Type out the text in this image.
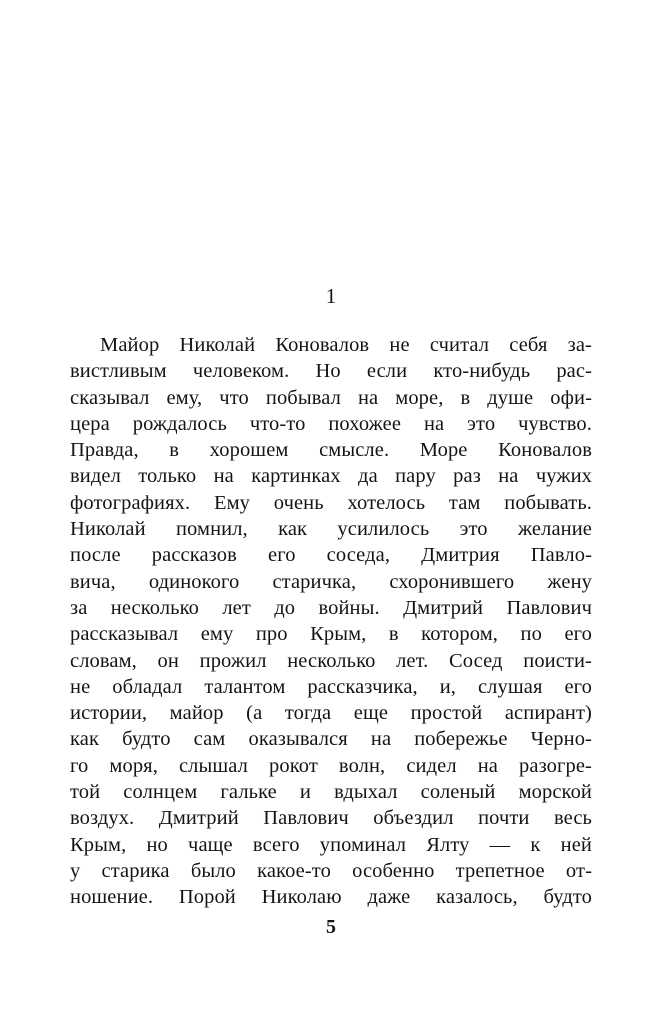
1
Майор Николай Коновалов не считал себя за-
вистливым человеком. Но если кто-нибудь рас-
сказывал ему, что побывал на море, в душе офи-
цера рождалось что-то похожее на это чувство.
Правда, в хорошем смысле. Море Коновалов
видел только на картинках да пару раз на чужих
фотографиях. Ему очень хотелось там побывать.
Николай помнил, как усилилось это желание
после рассказов его соседа, Дмитрия Павло-
вича, одинокого старичка, схоронившего жену
за несколько лет до войны. Дмитрий Павлович
рассказывал ему про Крым, в котором, по его
словам, он прожил несколько лет. Сосед поисти-
не обладал талантом рассказчика, и, слушая его
истории, майор (а тогда еще простой аспирант)
как будто сам оказывался на побережье Черно-
го моря, слышал рокот волн, сидел на разогре-
той солнцем гальке и вдыхал соленый морской
воздух. Дмитрий Павлович объездил почти весь
Крым, но чаще всего упоминал Ялту — к ней
у старика было какое-то особенно трепетное от-
ношение. Порой Николаю даже казалось, будто
5
